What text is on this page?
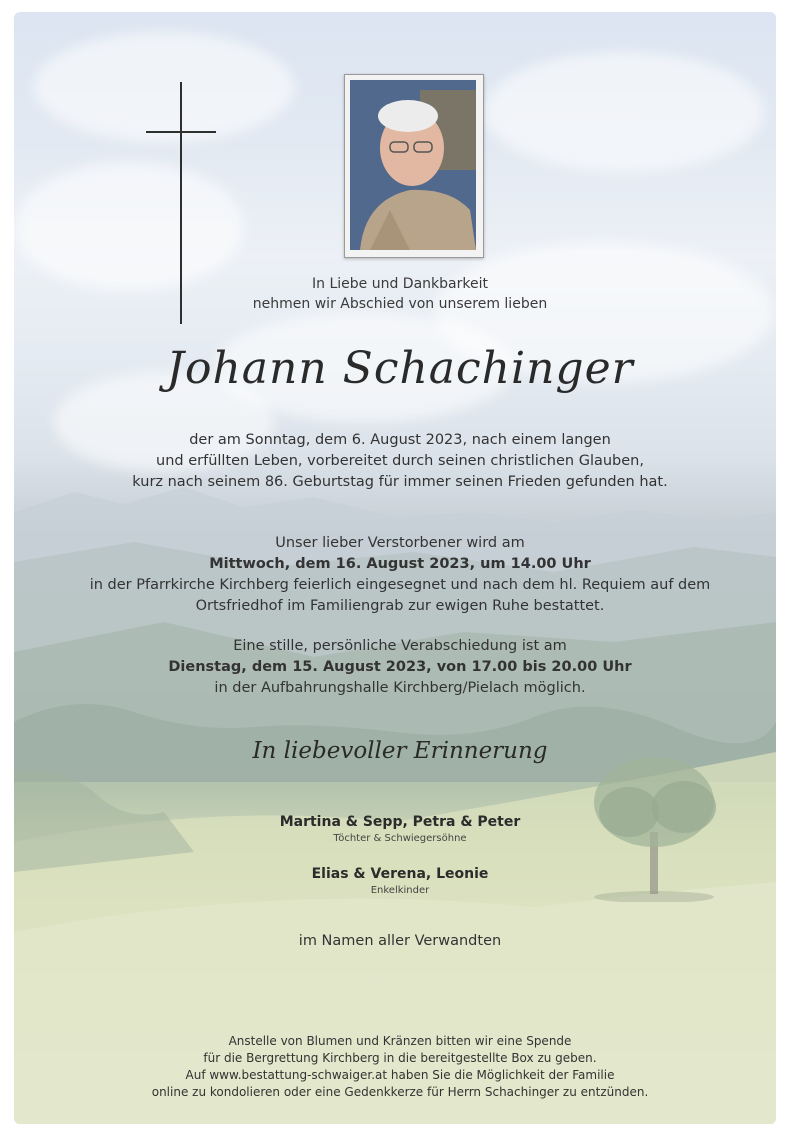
In Liebe und Dankbarkeit
nehmen wir Abschied von unserem lieben
Johann Schachinger
der am Sonntag, dem 6. August 2023, nach einem langen
und erfüllten Leben, vorbereitet durch seinen christlichen Glauben,
kurz nach seinem 86. Geburtstag für immer seinen Frieden gefunden hat.
Unser lieber Verstorbener wird am
Mittwoch, dem 16. August 2023, um 14.00 Uhr
in der Pfarrkirche Kirchberg feierlich eingesegnet und nach dem hl. Requiem auf dem
Ortsfriedhof im Familiengrab zur ewigen Ruhe bestattet.
Eine stille, persönliche Verabschiedung ist am
Dienstag, dem 15. August 2023, von 17.00 bis 20.00 Uhr
in der Aufbahrungshalle Kirchberg/Pielach möglich.
In liebevoller Erinnerung
Martina & Sepp, Petra & Peter
Töchter & Schwiegersöhne
Elias & Verena, Leonie
Enkelkinder
im Namen aller Verwandten
Anstelle von Blumen und Kränzen bitten wir eine Spende
für die Bergrettung Kirchberg in die bereitgestellte Box zu geben.
Auf www.bestattung-schwaiger.at haben Sie die Möglichkeit der Familie
online zu kondolieren oder eine Gedenkkerze für Herrn Schachinger zu entzünden.
